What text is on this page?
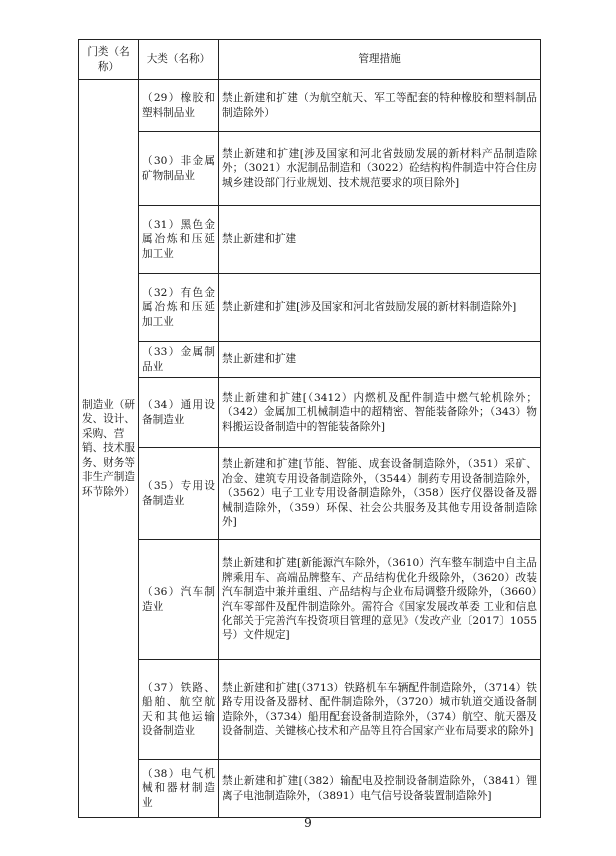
门类（名称）	大类（名称）	管理措施
制造业（研发、设计、采购、营销、技术服务、财务等非生产制造环节除外）	（29）橡胶和塑料制品业	禁止新建和扩建（为航空航天、军工等配套的特种橡胶和塑料制品制造除外）
	（30）非金属矿物制品业	禁止新建和扩建[涉及国家和河北省鼓励发展的新材料产品制造除外；（3021）水泥制品制造和（3022）砼结构构件制造中符合住房城乡建设部门行业规划、技术规范要求的项目除外]
	（31）黑色金属冶炼和压延加工业	禁止新建和扩建
	（32）有色金属冶炼和压延加工业	禁止新建和扩建[涉及国家和河北省鼓励发展的新材料制造除外]
	（33）金属制品业	禁止新建和扩建
	（34）通用设备制造业	禁止新建和扩建[（3412）内燃机及配件制造中燃气轮机除外；（342）金属加工机械制造中的超精密、智能装备除外；（343）物料搬运设备制造中的智能装备除外]
	（35）专用设备制造业	禁止新建和扩建[节能、智能、成套设备制造除外，（351）采矿、冶金、建筑专用设备制造除外，（3544）制药专用设备制造除外，（3562）电子工业专用设备制造除外，（358）医疗仪器设备及器械制造除外，（359）环保、社会公共服务及其他专用设备制造除外]
	（36）汽车制造业	禁止新建和扩建[新能源汽车除外，（3610）汽车整车制造中自主品牌乘用车、高端品牌整车、产品结构优化升级除外，（3620）改装汽车制造中兼并重组、产品结构与企业布局调整升级除外，（3660）汽车零部件及配件制造除外。需符合《国家发展改革委 工业和信息化部关于完善汽车投资项目管理的意见》（发改产业〔2017〕1055号）文件规定]
	（37）铁路、船舶、航空航天和其他运输设备制造业	禁止新建和扩建[（3713）铁路机车车辆配件制造除外，（3714）铁路专用设备及器材、配件制造除外，（3720）城市轨道交通设备制造除外，（3734）船用配套设备制造除外，（374）航空、航天器及设备制造、关键核心技术和产品等且符合国家产业布局要求的除外]
	（38）电气机械和器材制造业	禁止新建和扩建[（382）输配电及控制设备制造除外，（3841）锂离子电池制造除外，（3891）电气信号设备装置制造除外]
9
